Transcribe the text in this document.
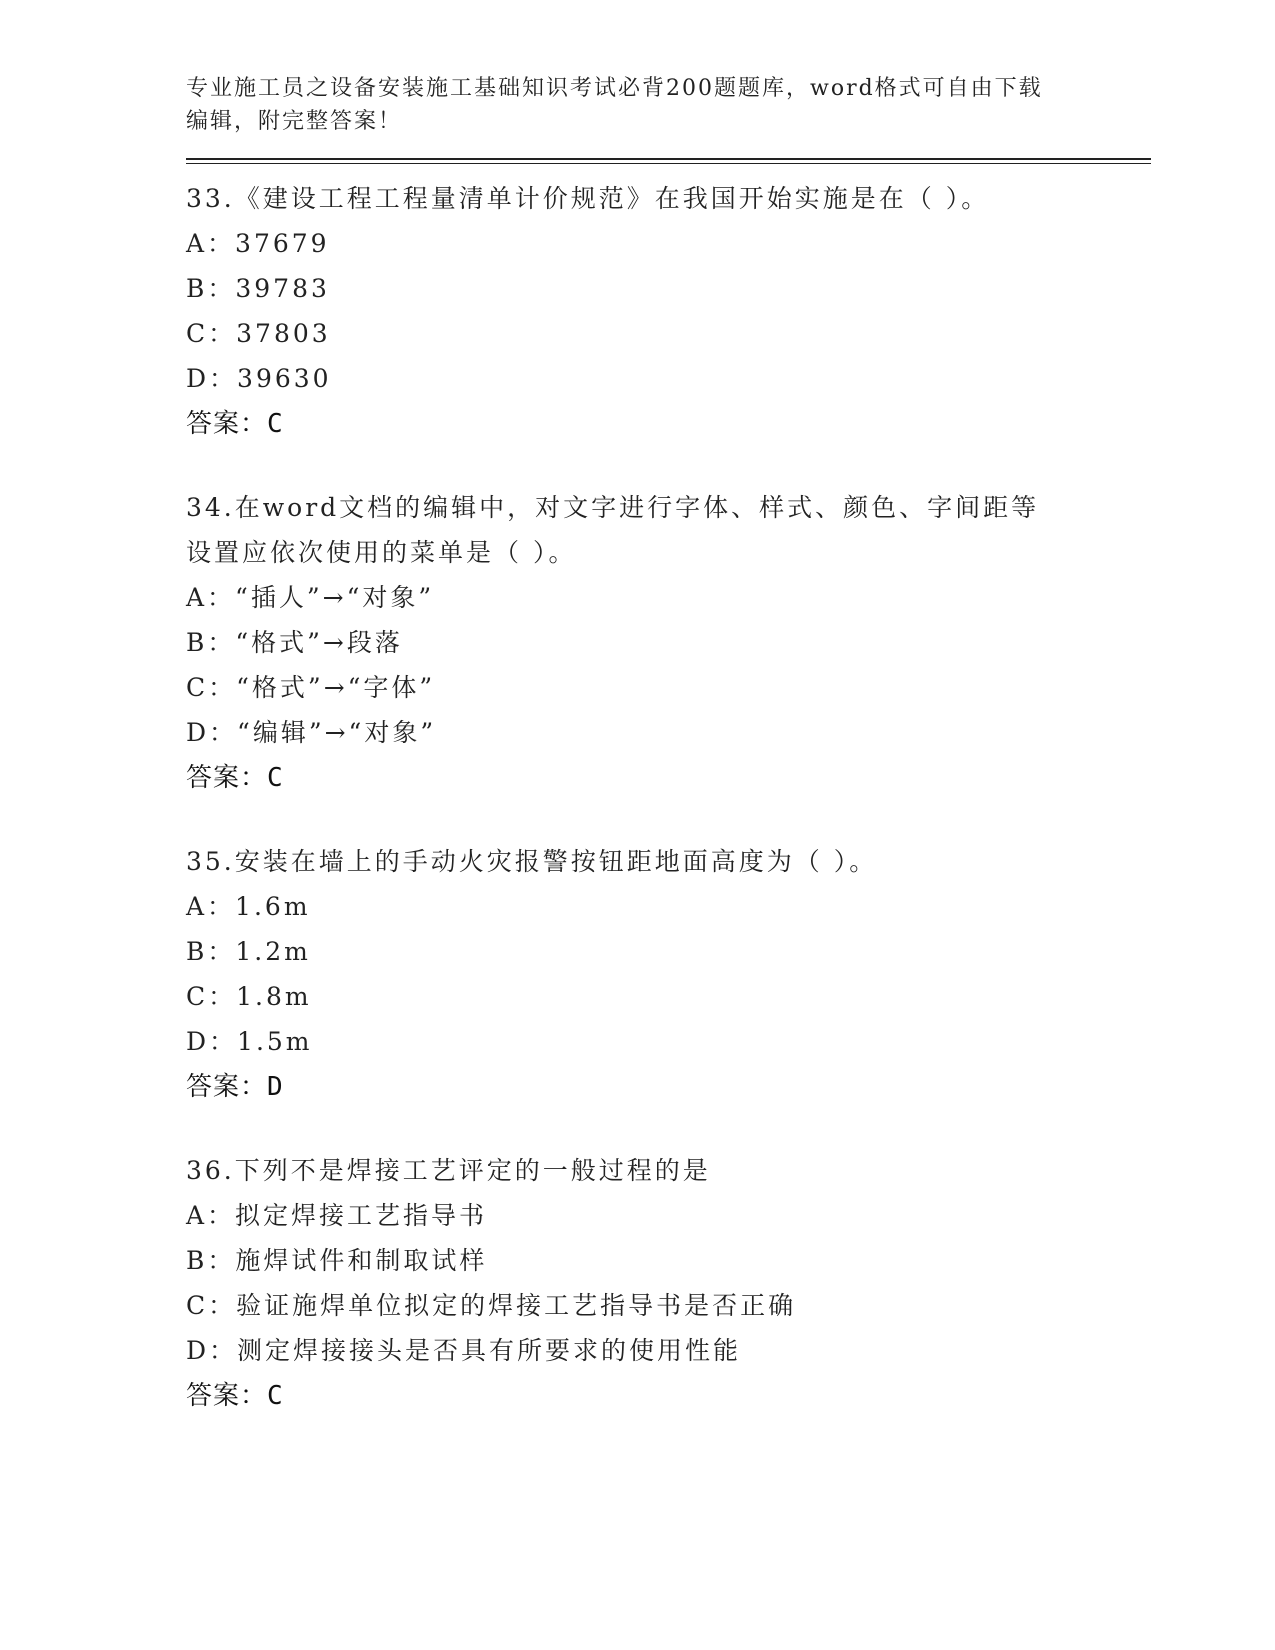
专业施工员之设备安装施工基础知识考试必背200题题库，word格式可自由下载编辑，附完整答案！
33.《建设工程工程量清单计价规范》在我国开始实施是在（ ）。
A：37679
B：39783
C：37803
D：39630
答案：C
34.在word文档的编辑中，对文字进行字体、样式、颜色、字间距等设置应依次使用的菜单是（ ）。
A：“插人”→“对象”
B：“格式”→段落
C：“格式”→“字体”
D：“编辑”→“对象”
答案：C
35.安装在墙上的手动火灾报警按钮距地面高度为（ ）。
A：1.6m
B：1.2m
C：1.8m
D：1.5m
答案：D
36.下列不是焊接工艺评定的一般过程的是
A：拟定焊接工艺指导书
B：施焊试件和制取试样
C：验证施焊单位拟定的焊接工艺指导书是否正确
D：测定焊接接头是否具有所要求的使用性能
答案：C
